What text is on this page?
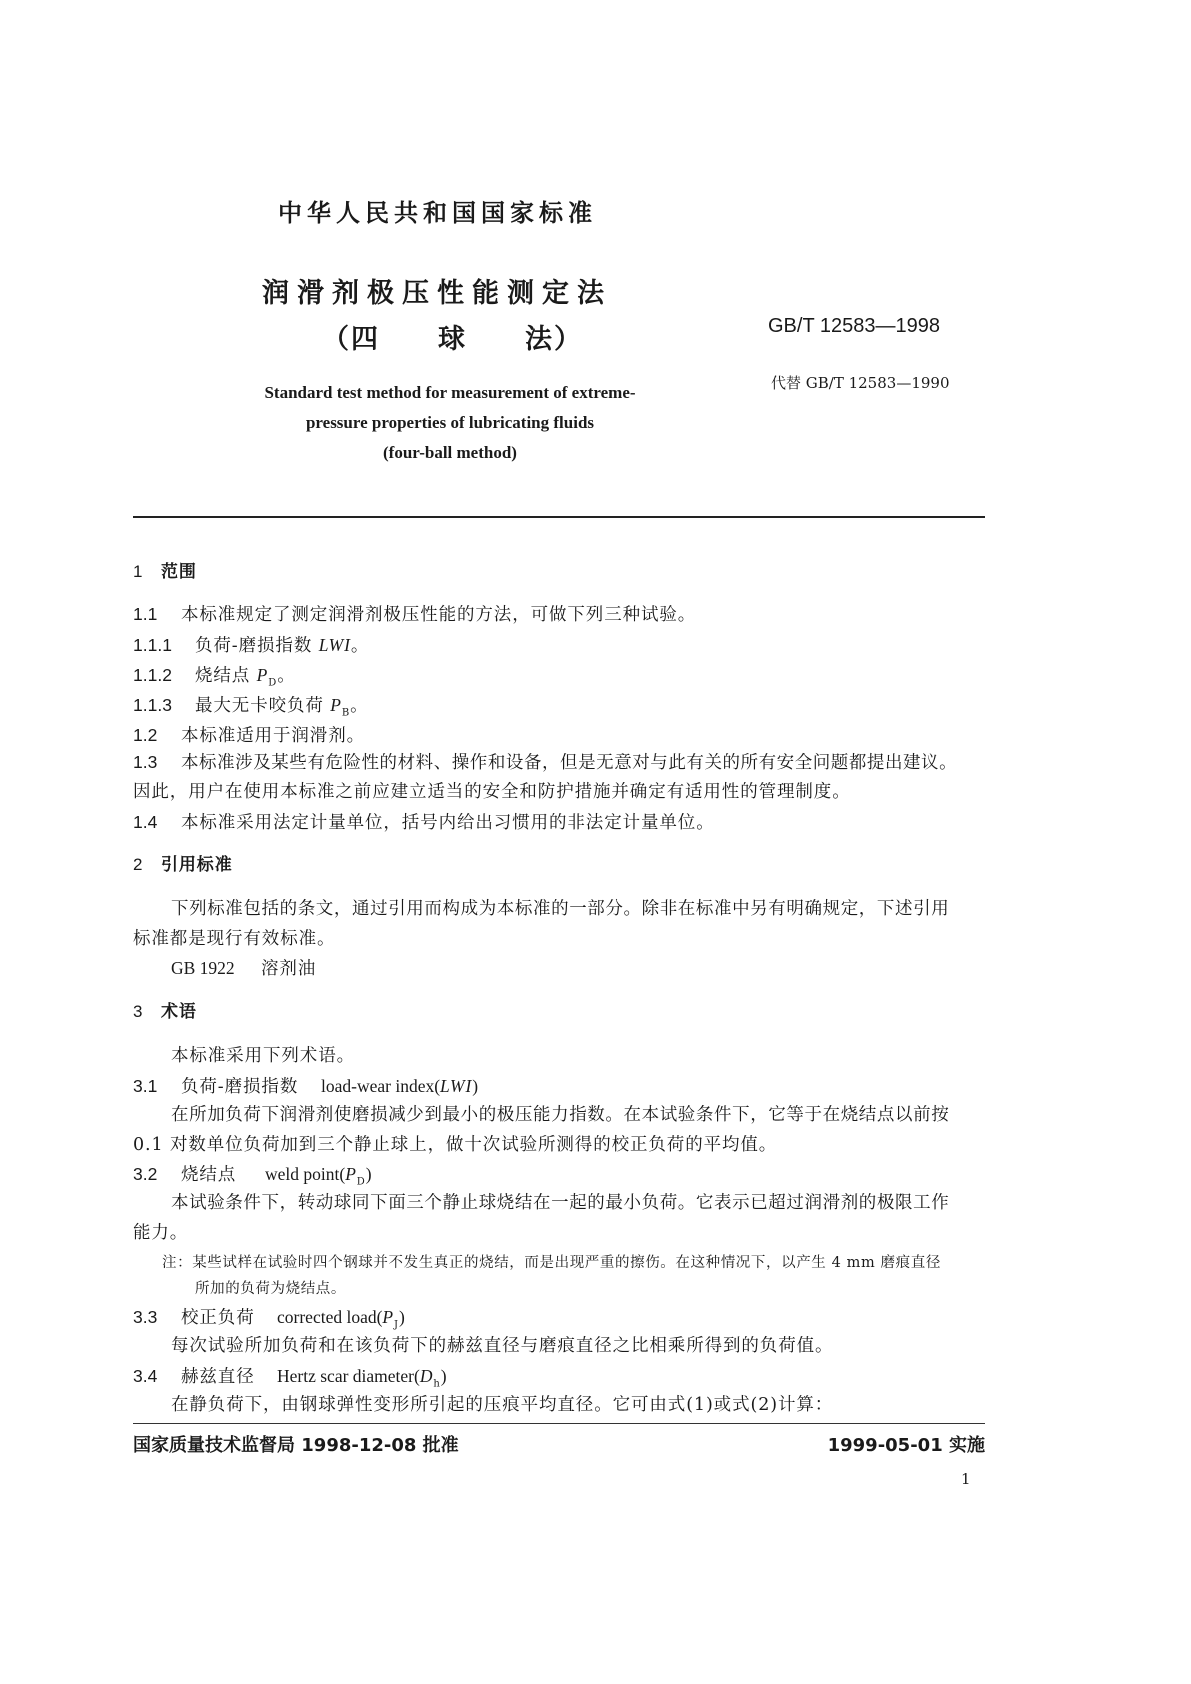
中华人民共和国国家标准
润滑剂极压性能测定法
（四　　球　　法）	GB/T 12583—1998
代替 GB/T 12583—1990
Standard test method for measurement of extreme-
pressure properties of lubricating fluids
(four-ball method)
1 范围
1.1 本标准规定了测定润滑剂极压性能的方法，可做下列三种试验。
1.1.1 负荷-磨损指数 LWI。
1.1.2 烧结点 $P_D$。
1.1.3 最大无卡咬负荷 $P_B$。
1.2 本标准适用于润滑剂。
1.3 本标准涉及某些有危险性的材料、操作和设备，但是无意对与此有关的所有安全问题都提出建议。
因此，用户在使用本标准之前应建立适当的安全和防护措施并确定有适用性的管理制度。
1.4 本标准采用法定计量单位，括号内给出习惯用的非法定计量单位。
2 引用标准
下列标准包括的条文，通过引用而构成为本标准的一部分。除非在标准中另有明确规定，下述引用
标准都是现行有效标准。
GB 1922 溶剂油
3 术语
本标准采用下列术语。
3.1 负荷-磨损指数 load-wear index(LWI)
在所加负荷下润滑剂使磨损减少到最小的极压能力指数。在本试验条件下，它等于在烧结点以前按
0.1 对数单位负荷加到三个静止球上，做十次试验所测得的校正负荷的平均值。
3.2 烧结点 weld $point(P_D)$
本试验条件下，转动球同下面三个静止球烧结在一起的最小负荷。它表示已超过润滑剂的极限工作
能力。
注：某些试样在试验时四个钢球并不发生真正的烧结，而是出现严重的擦伤。在这种情况下，以产生 4 mm 磨痕直径
所加的负荷为烧结点。
3.3 校正负荷 corrected $load(P_J)$
每次试验所加负荷和在该负荷下的赫兹直径与磨痕直径之比相乘所得到的负荷值。
3.4 赫兹直径 Hertz scar $diameter(D_h)$
在静负荷下，由钢球弹性变形所引起的压痕平均直径。它可由式(1)或式(2)计算：
国家质量技术监督局 1998-12-08 批准	1999-05-01 实施
1
